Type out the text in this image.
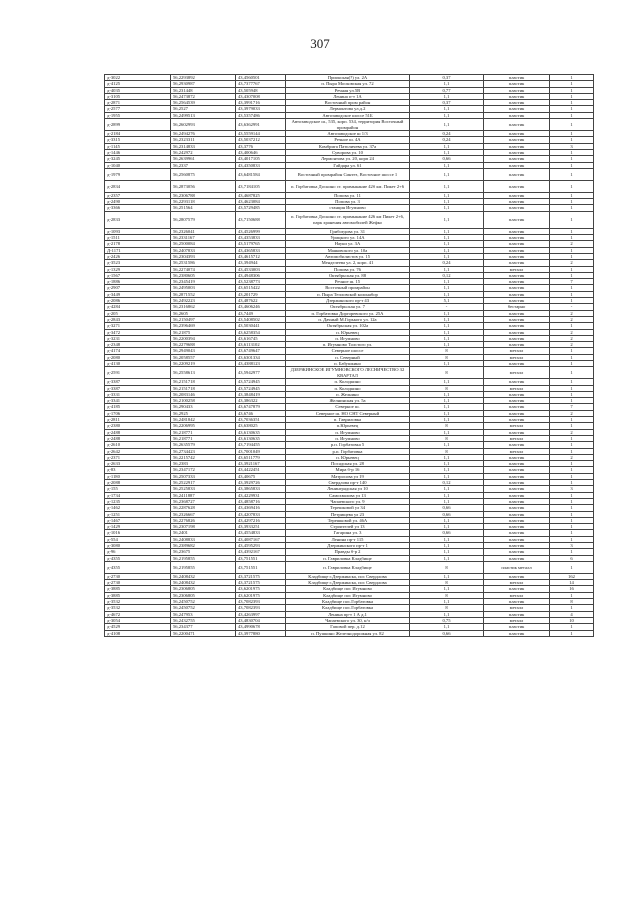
307
д-3022	56,2293892	43,4560501	Приокская(?) ул. 2А	0,37	пластик	1
д-4125	56,2930987	43,7377767	п. Пыра Московская ул. 72	1,1	пластик	1
д-4035	56,231448	43,505948	Речная ул.5В	0,77	пластик	1
д-3105	56,2473872	43,4307008	Ленина п-т 1А	1,1	пластик	1
д-2871	56,2564539	43,3991716	Восточный пром район	0,37	пластик	1
д-2577	56,2527	43,3979033	Лермонтова ул.д.2	1,1	пластик	1
д-1955	56,2499513	43,5357486	Автозаводское шоссе 51Б	1,1	пластик	1
д-2899	56,2602993	43,6362991	Автозаводское ш., 535, корп. 534, территория Восточный промрайон	1,1	пластик	1
д-2184	56,2494276	43,5559144	Автозаводское ш 1/3	0,24	пластик	1
д-3315	56,2323311	43,5037212	Речное ш. 4А	0,24	пластик	1
д-1145	56,2314833	43,3776	Комбрига Патоличева ул. 37а	1,1	пластик	3
д-1446	56,242972	43,400646	Суворова ул. 10	1,1	пластик	1
д-3245	56,2639961	43,4017105	Лермонтова ул. 20, корп 24	0,66	пластик	1
д-1040	56,2337	43,4350833	Гайдара ул. 61	1,1	пластик	1
д-1979	56,2560875	43,6481584	Восточный промрайон Синтез, Восточное шоссе 1	1,1	пластик	1
д-2834	56,2873056	43,7184105	п. Горбатовка Доскино ст. примыкание 42б км. Пикет 2+6	1,1	пластик	1
д-2357	56,2306788	43,4687825	Попова ул. 11	1,1	пластик	1
д-2490	56,2293118	43,4623084	Попова ул. 3	1,1	пластик	1
д-3366	56,251564	43,5729485	станция Игумново	1,1	пластик	1
д-2833	56,2807579	43,7150688	п. Горбатовка Доскино ст. примыкание 426 км Пикет 2+6, парк хранения автомобилей Жефко	1,1	пластик	1
д-1093	56,2326041	43,4526999	Грибоедова ул. 31	1,1	пластик	1
д-1511	56,2331167	43,4353833	Урицкого ул. 14А	1,1	пластик	1
д-2178	56,2500084	43,5179765	Науки ул. 3А	1,1	пластик	2
Д-1171	56,2407833	43,4365833	Маяковского ул. 10а	1,1	пластик	1
д-2426	56,2304393	43,4615712	Автомобилистов ул. 15	1,1	пластик	1
д-3523	56,2531586	43,394944	Менделеева ул. 2, корп. 41	0,24	пластик	2
д-1329	56,2274074	43,4533003	Попова ул. 76	1,1	металл	1
д-1567	56,2380605	43,4948306	Октябрьская ул. 88	0,12	пластик	1
д-1886	56,2345419	43,5238773	Речное ш. 15	1,1	пластик	7
д-2907	56,2495003	43,6515422	Восточный промрайон	1,1	пластик	1
д-3449	56,2871552	43,201729	п. Пыра Тепловской колонабор	1,1	пластик	1
д-2086	56,2492223	43,487622	Дзержинского пр-т 43	5,1	пластик	1
д-4284	56,2316862	43,4606246	Октябрьская ул. 7	-	бестарно	-
д-205	56,2605	43,7449	п. Горбатовка Доргоревского ул. 25А	1,1	пластик	2
д-2843	56,2150497	43,5408502	п. Дачный М.Горького ул. 12а	1,1	пластик	2
д-3271	56,2396469	43,5030441	Октябрьская ул. 102а	1,1	пластик	1
д-3472	56,21875	43,6258354	п. Юрьевец	1,1	пластик	2
д-3231	56,2200394	43,616745	п. Игумново	1,1	пластик	2
д-2348	56,2279688	43,6113102	п. Игумново Толстого ул.	1,1	пластик	2
д-4174	56,2949043	43,6749647	Северное шоссе	8	металл	1
д-2080	56,2058557	43,6301334	п. Северный	8	металл	1
д-4130	56,2209219	43,4388123	п. Бабушкино	1,1	пластик	1
д-2591	56,2558613	43,5942977	ДЗЕРЖИНСКОЕ ИГУМНОВСКОГО ЛЕСНИЧЕСТВО 32 КВАРТАЛ	8	металл	1
д-3387	56,2151718	43,5724945	п. Колодкино	1,1	пластик	1
д-3387	56,2151718	43,5724945	п. Колодкино	8	металл	1
д-3331	56,2083146	43,3848419	п. Желнино	1,1	пластик	1
д-3341	56,2100258	43,386322	Желнинская ул. 5а	1,1	пластик	1
д-4185	56,290433	43,6747879	Северное ш.	1,1	пластик	7
д-1706	56,2925	43,6746	Северное ш. НО СНТ Северный	1,1	пластик	2
д-2811	56,2481842	43,7036351	п. Гавриловка	1,1	пластик	1
д-2380	56,2206995	43,638025	п.Юрьевец	8	металл	1
д-2488	56,218771	43,6130635	п. Игумново	1,1	пластик	2
д-2488	56,218771	43,6130635	п. Игумново	8	металл	1
д-2610	56,2635579	43,7194455	р.п. Горбатовка 5	1,1	пластик	1
д-2642	56,2734423	43,7001049	р.п. Горбатовка	8	металл	1
д-2371	56,2215742	43,6511779	п. Юрьевец	1,1	пластик	2
д-2633	56,2383	43,3921167	Посадская ул. 28	1,1	пластик	1
д-83	56,2347172	43,4422451	Мира б-р 16	1,1	пластик	1
д-1180	56,2507333	43,40675	Матросова ул 19	1,1	пластик	1
д-2088	56,2522917	43,3929726	Свердлова пр-т 140	0,12	пластик	1
д-155	56,2525833	43,3865833	Ленинградская ул 10	1,1	пластик	3
д-1734	56,2411887	43,4229931	Самохвалова ул 13	1,1	пластик	1
д-1235	56,2368727	43,4858716	Чапаевского ул. 9	1,1	пластик	1
д-1462	56,2287628	43,4369416	Терешковой ул 34	0,66	пластик	1
д-1251	56,2326667	43,4207833	Петрищева ул 23	0,66	пластик	1
д-1467	56,2276826	43,4297216	Терешковой ул. 46А	1,1	пластик	1
д-1429	56,2307198	43,3933251	Строителей ул 13	1,1	пластик	1
д-1016	56,2401	43,4554833	Гагарина ул. 3	0,66	пластик	1
д-554	56,2408833	43,4087167	Ленина пр-т 115	1,1	пластик	1
д-3080	56,2389682	43,4595293	Дзержинского пр-т 1	1,1	пластик	3
д-96	56,23675	43,4392167	Правды б-р 2	1,1	пластик	1
д-4355	56,2195855	43,751551	п. Гавриловка Кладбище	1,1	пластик	6
д-4355	56,2195855	43,751551	п. Гавриловка Кладбище	8	пластик металл	1
д-2730	56,2408432	43,3721575	Кладбище г.Дзержинска, пос Свердлова	1,1	пластик	162
д-2730	56,2408432	43,3721575	Кладбище г.Дзержинска, пос Свердлова	8	металл	14
д-3885	56,2306805	43,6201975	Кладбище пос Игумново	1,1	пластик	16
д-3885	56,2306805	43,6201975	Кладбище пос Игумново	8	металл	1
д-3532	56,2450752	43,7082393	Кладбище пос.Горбатовка	1,1	пластик	8
д-3532	56,2450752	43,7082393	Кладбище пос.Горбатовка	8	металл	1
д-4672	56,247953	43,4263997	Ленина пр-т 1 А д.1	1,1	пластик	4
д-3054	56,2432755	43,4830704	Чапаевского ул. 30, к/ч	0,75	металл	10
д-4529	56,234377	43,4990678	Гаповой пер. д.12	1,1	пластик	1
д-4108	56,2200471	43,3977880	п. Пушкино Железнодорожная ул. 82	0,66	пластик	1
